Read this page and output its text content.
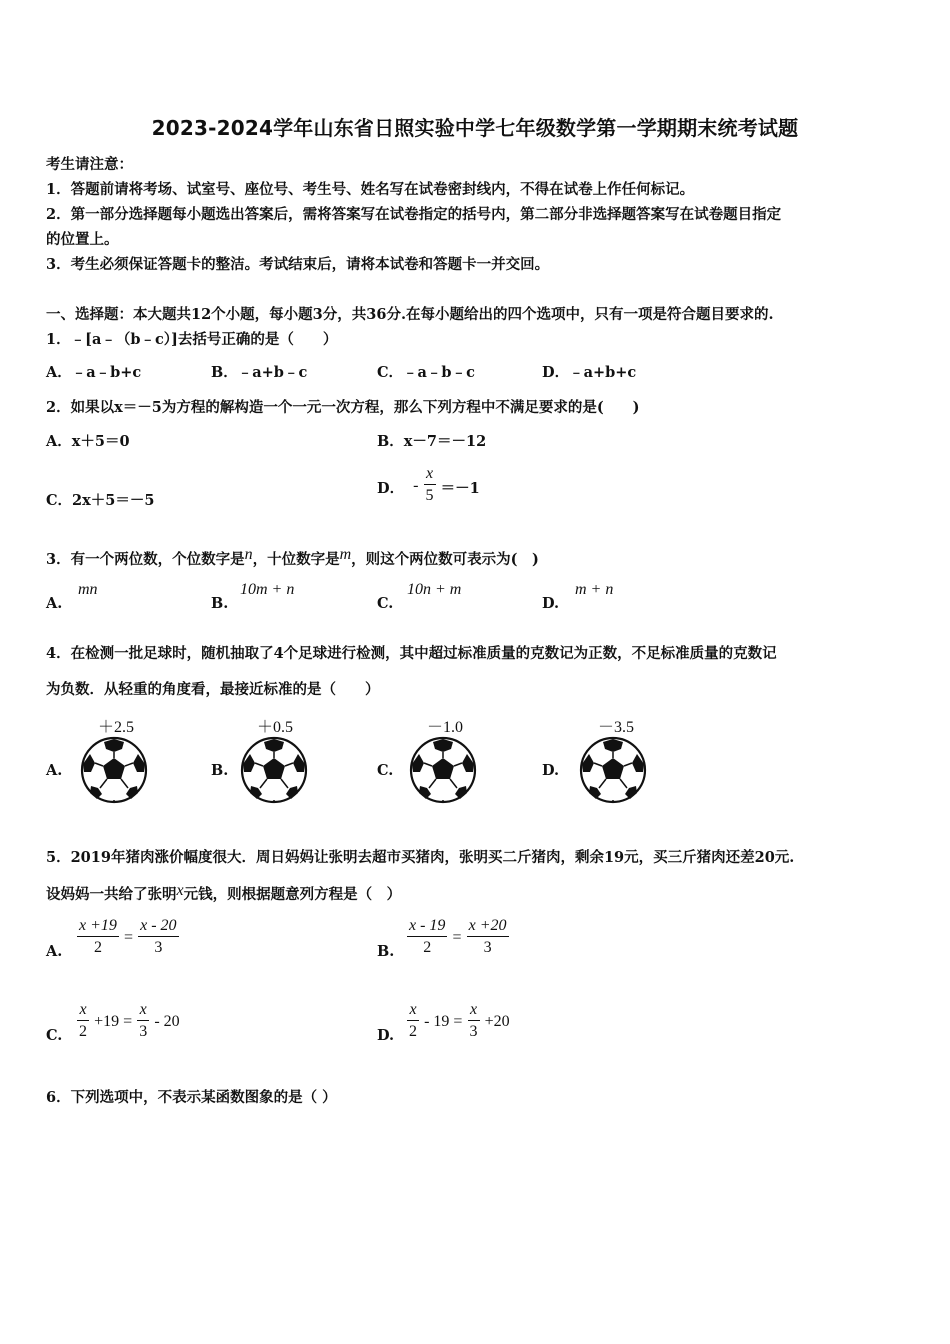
2023-2024学年山东省日照实验中学七年级数学第一学期期末统考试题
考生请注意：
1．答题前请将考场、试室号、座位号、考生号、姓名写在试卷密封线内，不得在试卷上作任何标记。
2．第一部分选择题每小题选出答案后，需将答案写在试卷指定的括号内，第二部分非选择题答案写在试卷题目指定
的位置上。
3．考生必须保证答题卡的整洁。考试结束后，请将本试卷和答题卡一并交回。
一、选择题：本大题共12个小题，每小题3分，共36分.在每小题给出的四个选项中，只有一项是符合题目要求的.
1．﹣[a﹣（b﹣c）]去括号正确的是（　　）
A．﹣a﹣b+c	B．﹣a+b﹣c	C．﹣a﹣b﹣c	D．﹣a+b+c
2．如果以x＝－5为方程的解构造一个一元一次方程，那么下列方程中不满足要求的是(　　)
A．x＋5＝0	B．x－7＝－12
C．2x＋5＝－5
D． - $\frac{x}{5} =-1$
3．有一个两位数，个位数字是n，十位数字是m，则这个两位数可表示为(　)
A.
mn
B.
10m + n
C.
10n + m
D.
m + n
4．在检测一批足球时，随机抽取了4个足球进行检测，其中超过标准质量的克数记为正数，不足标准质量的克数记
为负数．从轻重的角度看，最接近标准的是（　　）
＋2.5	＋0.5	－1.0	－3.5
A.	B.	C.	D.
5．2019年猪肉涨价幅度很大．周日妈妈让张明去超市买猪肉，张明买二斤猪肉，剩余19元，买三斤猪肉还差20元.
设妈妈一共给了张明x元钱，则根据题意列方程是（　）
A. $\frac{x +19}{2} = \frac{x - 20}{3}$	B. $\frac{x - 19}{2} = \frac{x +20}{3}$
C. $\frac{x}{2} +19 = \frac{x}{3} - 20$
D. $\frac{x}{2} - 19 = \frac{x}{3} +20$
6．下列选项中，不表示某函数图象的是（ ）
